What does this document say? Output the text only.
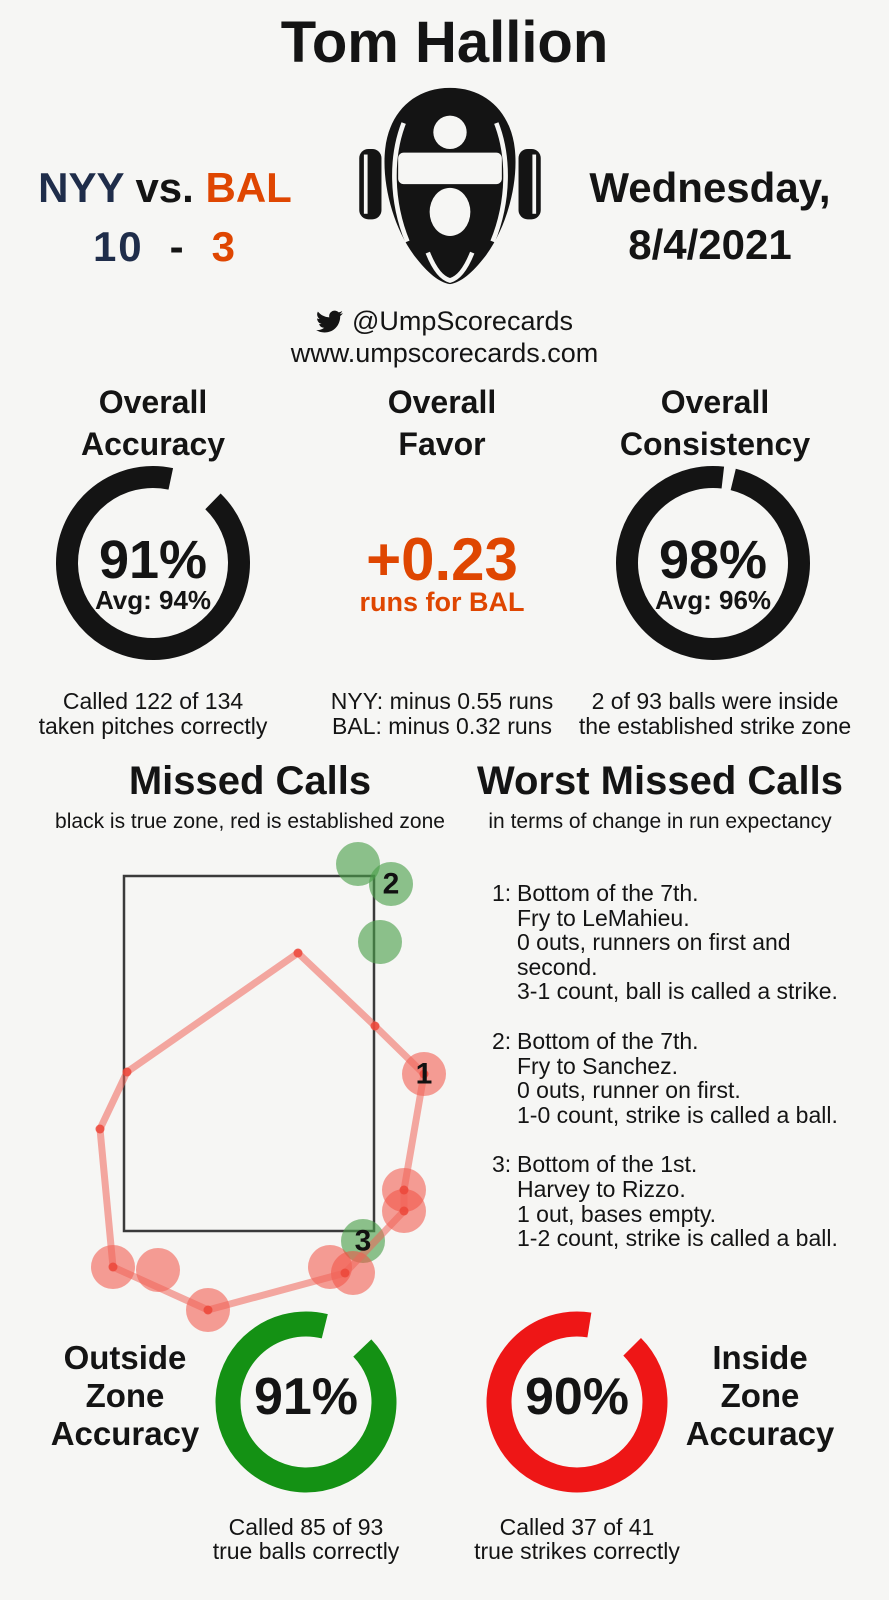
Tom Hallion
NYY vs. BAL
10 - 3
Wednesday,
8/4/2021
@UmpScorecards
www.umpscorecards.com
Overall
Accuracy
Overall
Favor
Overall
Consistency
91%
Avg: 94%
+0.23
runs for BAL
98%
Avg: 96%
Called 122 of 134
taken pitches correctly
NYY: minus 0.55 runs
BAL: minus 0.32 runs
2 of 93 balls were inside
the established strike zone
Missed Calls
black is true zone, red is established zone
Worst Missed Calls
in terms of change in run expectancy
2
3
1
1: Bottom of the 7th.
Fry to LeMahieu.
0 outs, runners on first and second.
3-1 count, ball is called a strike.
2: Bottom of the 7th.
Fry to Sanchez.
0 outs, runner on first.
1-0 count, strike is called a ball.
3: Bottom of the 1st.
Harvey to Rizzo.
1 out, bases empty.
1-2 count, strike is called a ball.
Outside
Zone
Accuracy
91%	90%
Inside
Zone
Accuracy
Called 85 of 93
true balls correctly
Called 37 of 41
true strikes correctly
